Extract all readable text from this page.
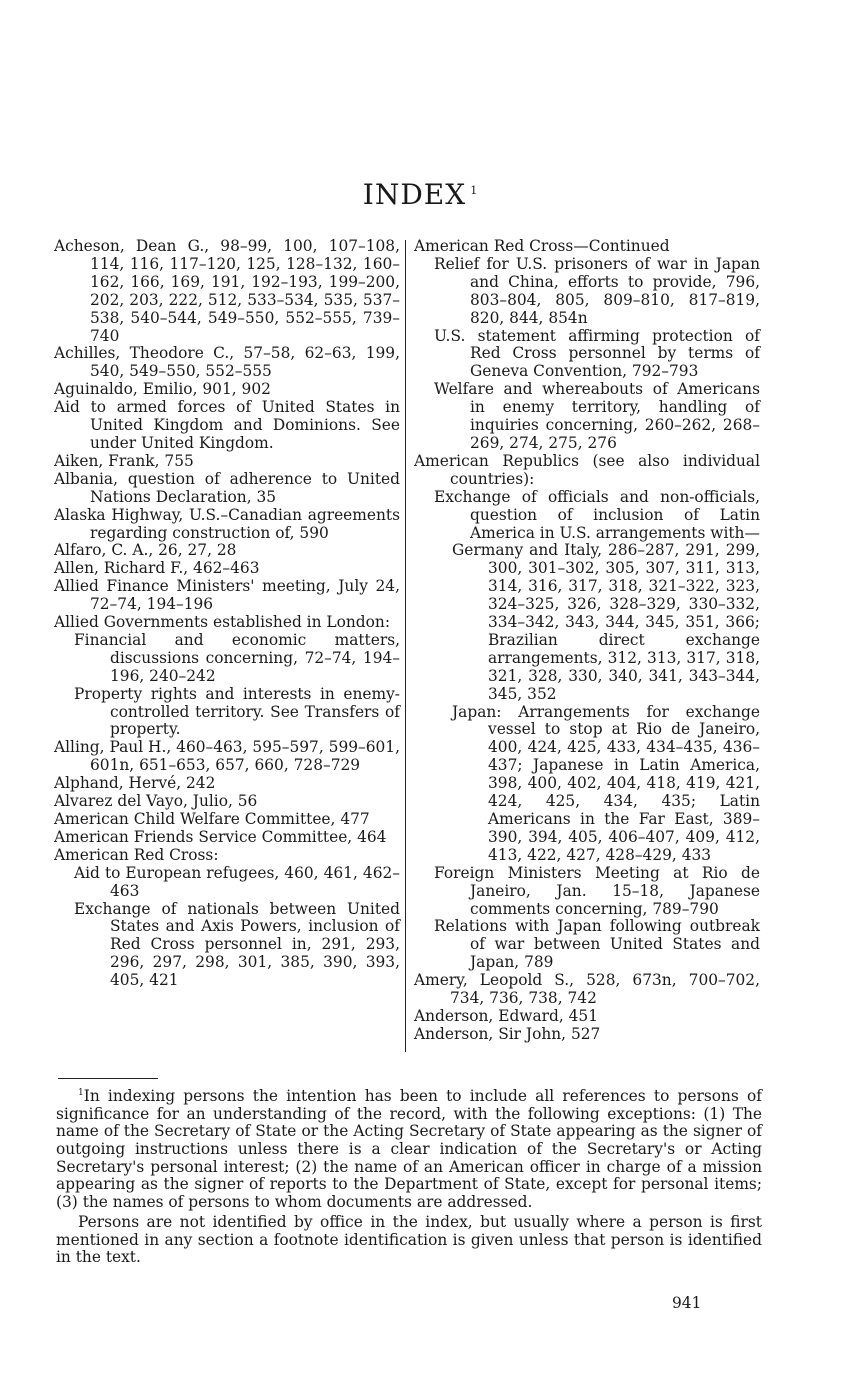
INDEX $^1$
Acheson, Dean G., 98–99, 100, 107–108, 114, 116, 117–120, 125, 128–132, 160–162, 166, 169, 191, 192–193, 199–200, 202, 203, 222, 512, 533–534, 535, 537–538, 540–544, 549–550, 552–555, 739–740
Achilles, Theodore C., 57–58, 62–63, 199, 540, 549–550, 552–555
Aguinaldo, Emilio, 901, 902
Aid to armed forces of United States in United Kingdom and Dominions. See under United Kingdom.
Aiken, Frank, 755
Albania, question of adherence to United Nations Declaration, 35
Alaska Highway, U.S.–Canadian agreements regarding construction of, 590
Alfaro, C. A., 26, 27, 28
Allen, Richard F., 462–463
Allied Finance Ministers' meeting, July 24, 72–74, 194–196
Allied Governments established in London:
Financial and economic matters, discussions concerning, 72–74, 194–196, 240–242
Property rights and interests in enemy-controlled territory. See Transfers of property.
Alling, Paul H., 460–463, 595–597, 599–601, 601n, 651–653, 657, 660, 728–729
Alphand, Hervé, 242
Alvarez del Vayo, Julio, 56
American Child Welfare Committee, 477
American Friends Service Committee, 464
American Red Cross:
Aid to European refugees, 460, 461, 462–463
Exchange of nationals between United States and Axis Powers, inclusion of Red Cross personnel in, 291, 293, 296, 297, 298, 301, 385, 390, 393, 405, 421
American Red Cross—Continued
Relief for U.S. prisoners of war in Japan and China, efforts to provide, 796, 803–804, 805, 809–810, 817–819, 820, 844, 854n
U.S. statement affirming protection of Red Cross personnel by terms of Geneva Convention, 792–793
Welfare and whereabouts of Americans in enemy territory, handling of inquiries concerning, 260–262, 268–269, 274, 275, 276
American Republics (see also individual countries):
Exchange of officials and non-officials, question of inclusion of Latin America in U.S. arrangements with—
Germany and Italy, 286–287, 291, 299, 300, 301–302, 305, 307, 311, 313, 314, 316, 317, 318, 321–322, 323, 324–325, 326, 328–329, 330–332, 334–342, 343, 344, 345, 351, 366; Brazilian direct exchange arrangements, 312, 313, 317, 318, 321, 328, 330, 340, 341, 343–344, 345, 352
Japan: Arrangements for exchange vessel to stop at Rio de Janeiro, 400, 424, 425, 433, 434–435, 436–437; Japanese in Latin America, 398, 400, 402, 404, 418, 419, 421, 424, 425, 434, 435; Latin Americans in the Far East, 389–390, 394, 405, 406–407, 409, 412, 413, 422, 427, 428–429, 433
Foreign Ministers Meeting at Rio de Janeiro, Jan. 15–18, Japanese comments concerning, 789–790
Relations with Japan following outbreak of war between United States and Japan, 789
Amery, Leopold S., 528, 673n, 700–702, 734, 736, 738, 742
Anderson, Edward, 451
Anderson, Sir John, 527

$^1$In indexing persons the intention has been to include all references to persons of significance for an understanding of the record, with the following exceptions: (1) The name of the Secretary of State or the Acting Secretary of State appearing as the signer of outgoing instructions unless there is a clear indication of the Secretary's or Acting Secretary's personal interest; (2) the name of an American officer in charge of a mission appearing as the signer of reports to the Department of State, except for personal items; (3) the names of persons to whom documents are addressed.

Persons are not identified by office in the index, but usually where a person is first mentioned in any section a footnote identification is given unless that person is identified in the text.

941
